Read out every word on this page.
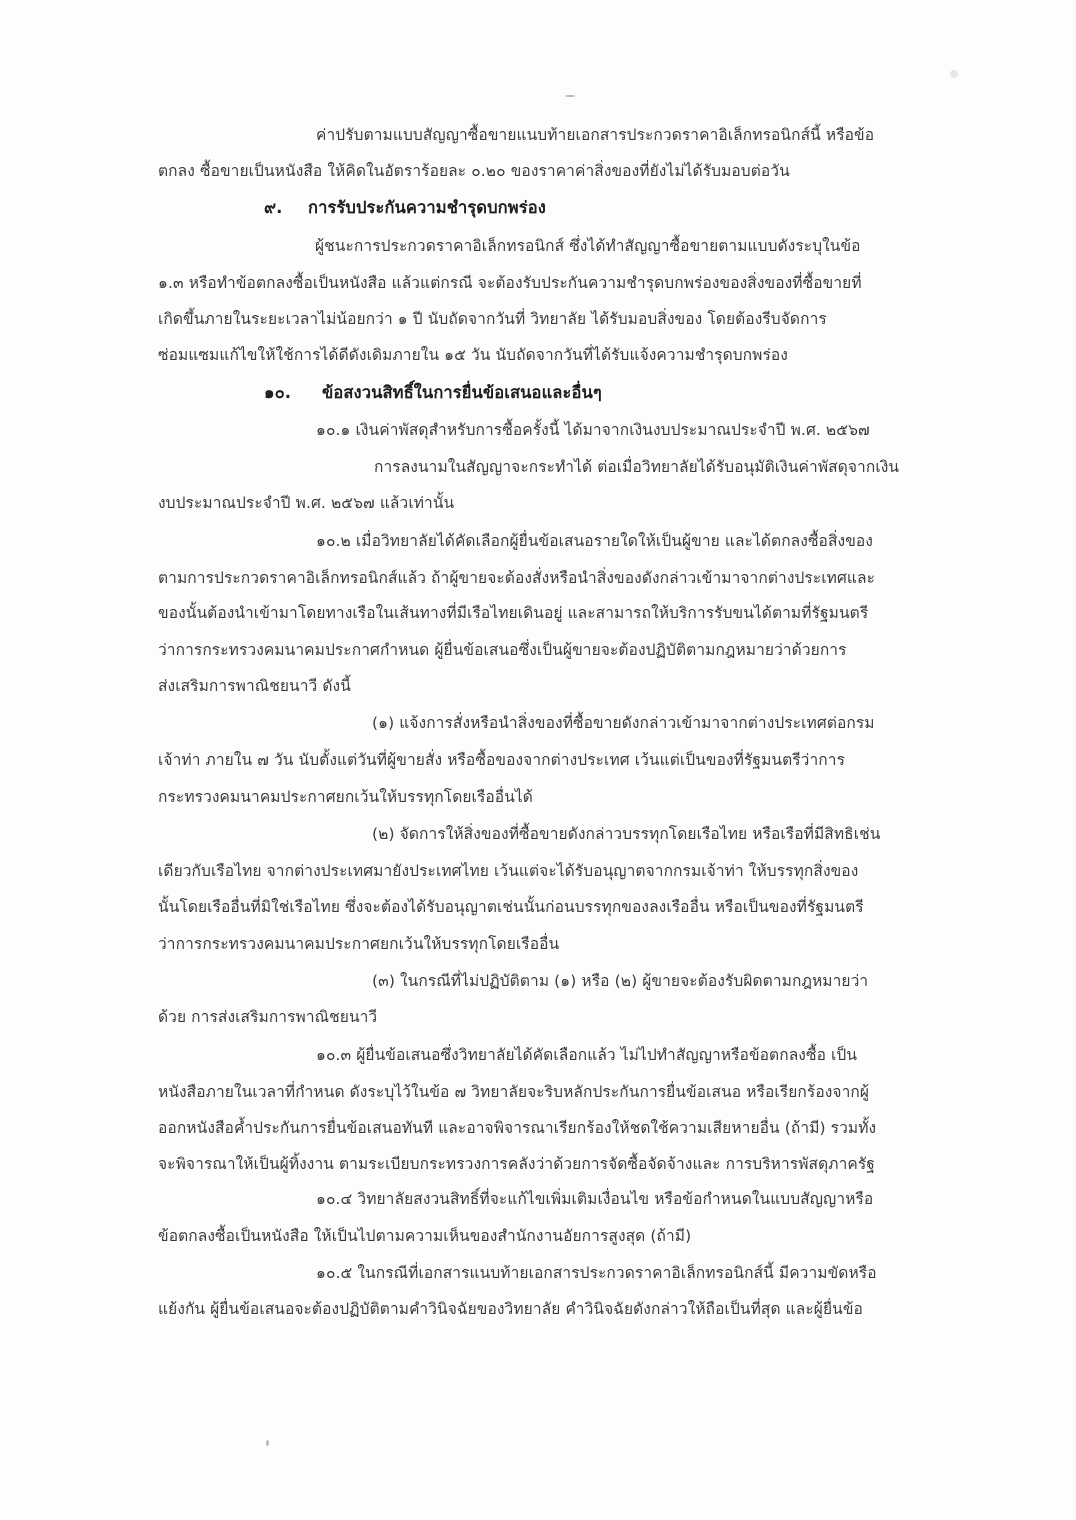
ค่าปรับตามแบบสัญญาซื้อขายแนบท้ายเอกสารประกวดราคาอิเล็กทรอนิกส์นี้ หรือข้อ
ตกลง ซื้อขายเป็นหนังสือ ให้คิดในอัตราร้อยละ ๐.๒๐ ของราคาค่าสิ่งของที่ยังไม่ได้รับมอบต่อวัน
๙. การรับประกันความชำรุดบกพร่อง
ผู้ชนะการประกวดราคาอิเล็กทรอนิกส์ ซึ่งได้ทำสัญญาซื้อขายตามแบบดังระบุในข้อ
๑.๓ หรือทำข้อตกลงซื้อเป็นหนังสือ แล้วแต่กรณี จะต้องรับประกันความชำรุดบกพร่องของสิ่งของที่ซื้อขายที่
เกิดขึ้นภายในระยะเวลาไม่น้อยกว่า ๑ ปี นับถัดจากวันที่ วิทยาลัย ได้รับมอบสิ่งของ โดยต้องรีบจัดการ
ซ่อมแซมแก้ไขให้ใช้การได้ดีดังเดิมภายใน ๑๕ วัน นับถัดจากวันที่ได้รับแจ้งความชำรุดบกพร่อง
๑๐. ข้อสงวนสิทธิ์ในการยื่นข้อเสนอและอื่นๆ
๑๐.๑ เงินค่าพัสดุสำหรับการซื้อครั้งนี้ ได้มาจากเงินงบประมาณประจำปี พ.ศ. ๒๕๖๗
การลงนามในสัญญาจะกระทำได้ ต่อเมื่อวิทยาลัยได้รับอนุมัติเงินค่าพัสดุจากเงิน
งบประมาณประจำปี พ.ศ. ๒๕๖๗ แล้วเท่านั้น
๑๐.๒ เมื่อวิทยาลัยได้คัดเลือกผู้ยื่นข้อเสนอรายใดให้เป็นผู้ขาย และได้ตกลงซื้อสิ่งของ
ตามการประกวดราคาอิเล็กทรอนิกส์แล้ว ถ้าผู้ขายจะต้องสั่งหรือนำสิ่งของดังกล่าวเข้ามาจากต่างประเทศและ
ของนั้นต้องนำเข้ามาโดยทางเรือในเส้นทางที่มีเรือไทยเดินอยู่ และสามารถให้บริการรับขนได้ตามที่รัฐมนตรี
ว่าการกระทรวงคมนาคมประกาศกำหนด ผู้ยื่นข้อเสนอซึ่งเป็นผู้ขายจะต้องปฏิบัติตามกฎหมายว่าด้วยการ
ส่งเสริมการพาณิชยนาวี ดังนี้
(๑) แจ้งการสั่งหรือนำสิ่งของที่ซื้อขายดังกล่าวเข้ามาจากต่างประเทศต่อกรม
เจ้าท่า ภายใน ๗ วัน นับตั้งแต่วันที่ผู้ขายสั่ง หรือซื้อของจากต่างประเทศ เว้นแต่เป็นของที่รัฐมนตรีว่าการ
กระทรวงคมนาคมประกาศยกเว้นให้บรรทุกโดยเรืออื่นได้
(๒) จัดการให้สิ่งของที่ซื้อขายดังกล่าวบรรทุกโดยเรือไทย หรือเรือที่มีสิทธิเช่น
เดียวกับเรือไทย จากต่างประเทศมายังประเทศไทย เว้นแต่จะได้รับอนุญาตจากกรมเจ้าท่า ให้บรรทุกสิ่งของ
นั้นโดยเรืออื่นที่มิใช่เรือไทย ซึ่งจะต้องได้รับอนุญาตเช่นนั้นก่อนบรรทุกของลงเรืออื่น หรือเป็นของที่รัฐมนตรี
ว่าการกระทรวงคมนาคมประกาศยกเว้นให้บรรทุกโดยเรืออื่น
(๓) ในกรณีที่ไม่ปฏิบัติตาม (๑) หรือ (๒) ผู้ขายจะต้องรับผิดตามกฎหมายว่า
ด้วย การส่งเสริมการพาณิชยนาวี
๑๐.๓ ผู้ยื่นข้อเสนอซึ่งวิทยาลัยได้คัดเลือกแล้ว ไม่ไปทำสัญญาหรือข้อตกลงซื้อ เป็น
หนังสือภายในเวลาที่กำหนด ดังระบุไว้ในข้อ ๗ วิทยาลัยจะริบหลักประกันการยื่นข้อเสนอ หรือเรียกร้องจากผู้
ออกหนังสือค้ำประกันการยื่นข้อเสนอทันที และอาจพิจารณาเรียกร้องให้ชดใช้ความเสียหายอื่น (ถ้ามี) รวมทั้ง
จะพิจารณาให้เป็นผู้ทิ้งงาน ตามระเบียบกระทรวงการคลังว่าด้วยการจัดซื้อจัดจ้างและ การบริหารพัสดุภาครัฐ
๑๐.๔ วิทยาลัยสงวนสิทธิ์ที่จะแก้ไขเพิ่มเติมเงื่อนไข หรือข้อกำหนดในแบบสัญญาหรือ
ข้อตกลงซื้อเป็นหนังสือ ให้เป็นไปตามความเห็นของสำนักงานอัยการสูงสุด (ถ้ามี)
๑๐.๕ ในกรณีที่เอกสารแนบท้ายเอกสารประกวดราคาอิเล็กทรอนิกส์นี้ มีความขัดหรือ
แย้งกัน ผู้ยื่นข้อเสนอจะต้องปฏิบัติตามคำวินิจฉัยของวิทยาลัย คำวินิจฉัยดังกล่าวให้ถือเป็นที่สุด และผู้ยื่นข้อ
